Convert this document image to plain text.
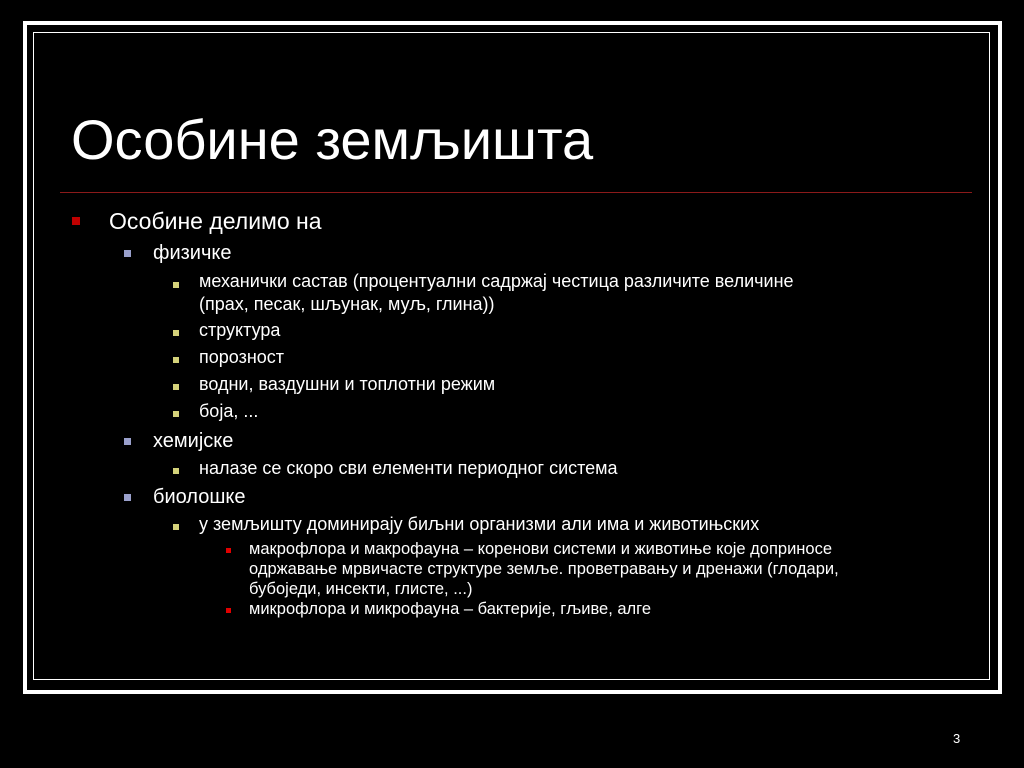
Особине земљишта
Особине делимо на
физичке
механички састав (процентуални садржај честица различите величине
(прах, песак, шљунак, муљ, глина))
структура
порозност
водни, ваздушни и топлотни режим
боја, ...
хемијске
налазе се скоро сви елементи периодног система
биолошке
у земљишту доминирају биљни организми али има и животињских
макрофлора и макрофауна – коренови системи и животиње које доприносе
одржавање мрвичасте структуре земље. проветравању и дренажи (глодари,
бубоједи, инсекти, глисте, ...)
микрофлора и микрофауна – бактерије, гљиве, алге
3
